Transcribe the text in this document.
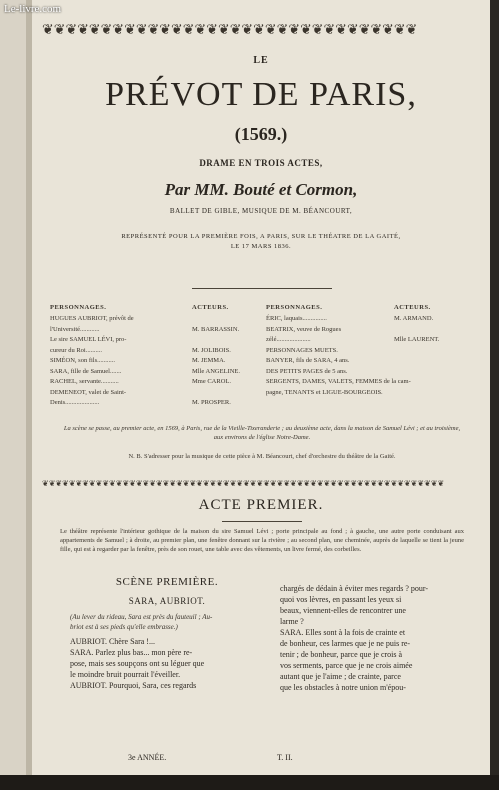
Le-livre.com
❦❦❦❦❦❦❦❦❦❦❦❦❦❦❦❦❦❦❦❦❦❦❦❦❦❦❦❦❦❦❦❦
LE
PRÉVOT DE PARIS,
(1569.)
DRAME EN TROIS ACTES,
Par MM. Bouté et Cormon,
BALLET DE GIBLE, MUSIQUE DE M. BÉANCOURT,
REPRÉSENTÉ POUR LA PREMIÈRE FOIS, A PARIS, SUR LE THÉATRE DE LA GAITÉ,
LE 17 MARS 1836.
PERSONNAGES.
HUGUES AUBRIOT, prévôt de
l'Université............
Le sire SAMUEL LÉVI, pro-
cureur du Roi..........
SIMÉON, son fils...........
SARA, fille de Samuel.......
RACHEL, servante...........
DEMENEOT, valet de Saint-
Denis.....................
ACTEURS.
M. BARRASSIN.
M. JOLIBOIS.
M. JEMMA.
Mlle ANGELINE.
Mme CAROL.
M. PROSPER.
PERSONNAGES.
ÉRIC, laquais...............
BEATRIX, veuve de Rogues
zélé.....................
PERSONNAGES MUETS.
BANYER, fils de SARA, 4 ans.
DES PETITS PAGES de 5 ans.
SERGENTS, DAMES, VALETS, FEMMES de la cam-
pagne, TENANTS et LIGUE-BOURGEOIS.
ACTEURS.
M. ARMAND.
Mlle LAURENT.
La scène se passe, au premier acte, en 1569, à Paris, rue de la Vieille-Tixeranderie ; au deuxième acte, dans la maison de Samuel Lévi ; et au troisième, aux environs de l'église Notre-Dame.
N. B. S'adresser pour la musique de cette pièce à M. Béancourt, chef d'orchestre du théâtre de la Gaité.
❦❦❦❦❦❦❦❦❦❦❦❦❦❦❦❦❦❦❦❦❦❦❦❦❦❦❦❦❦❦❦❦❦❦❦❦❦❦❦❦❦❦❦❦❦❦❦❦❦❦❦❦❦❦❦❦❦❦❦❦
ACTE PREMIER.
Le théâtre représente l'intérieur gothique de la maison du sire Samuel Lévi ; porte principale au fond ; à gauche, une autre porte conduisant aux appartements de Samuel ; à droite, au premier plan, une fenêtre donnant sur la rivière ; au second plan, une cheminée, auprès de laquelle se tient la jeune fille, qui est à regarder par la fenêtre, près de son rouet, une table avec des vêtements, un livre fermé, des corbeilles.
SCÈNE PREMIÈRE.
SARA, AUBRIOT.
(Au lever du rideau, Sara est près du fauteuil ; Au-
briot est à ses pieds qu'elle embrasse.)
AUBRIOT. Chère Sara !...
SARA. Parlez plus bas... mon père re-
pose, mais ses soupçons ont su léguer que
le moindre bruit pourrait l'éveiller.
AUBRIOT. Pourquoi, Sara, ces regards
chargés de dédain à éviter mes regards ? pour-
quoi vos lèvres, en passant les yeux si
beaux, viennent-elles de rencontrer une
larme ?
SARA. Elles sont à la fois de crainte et
de bonheur, ces larmes que je ne puis re-
tenir ; de bonheur, parce que je crois à
vos serments, parce que je ne crois aimée
autant que je l'aime ; de crainte, parce
que les obstacles à notre union m'épou-
3e ANNÉE.	T. II.
